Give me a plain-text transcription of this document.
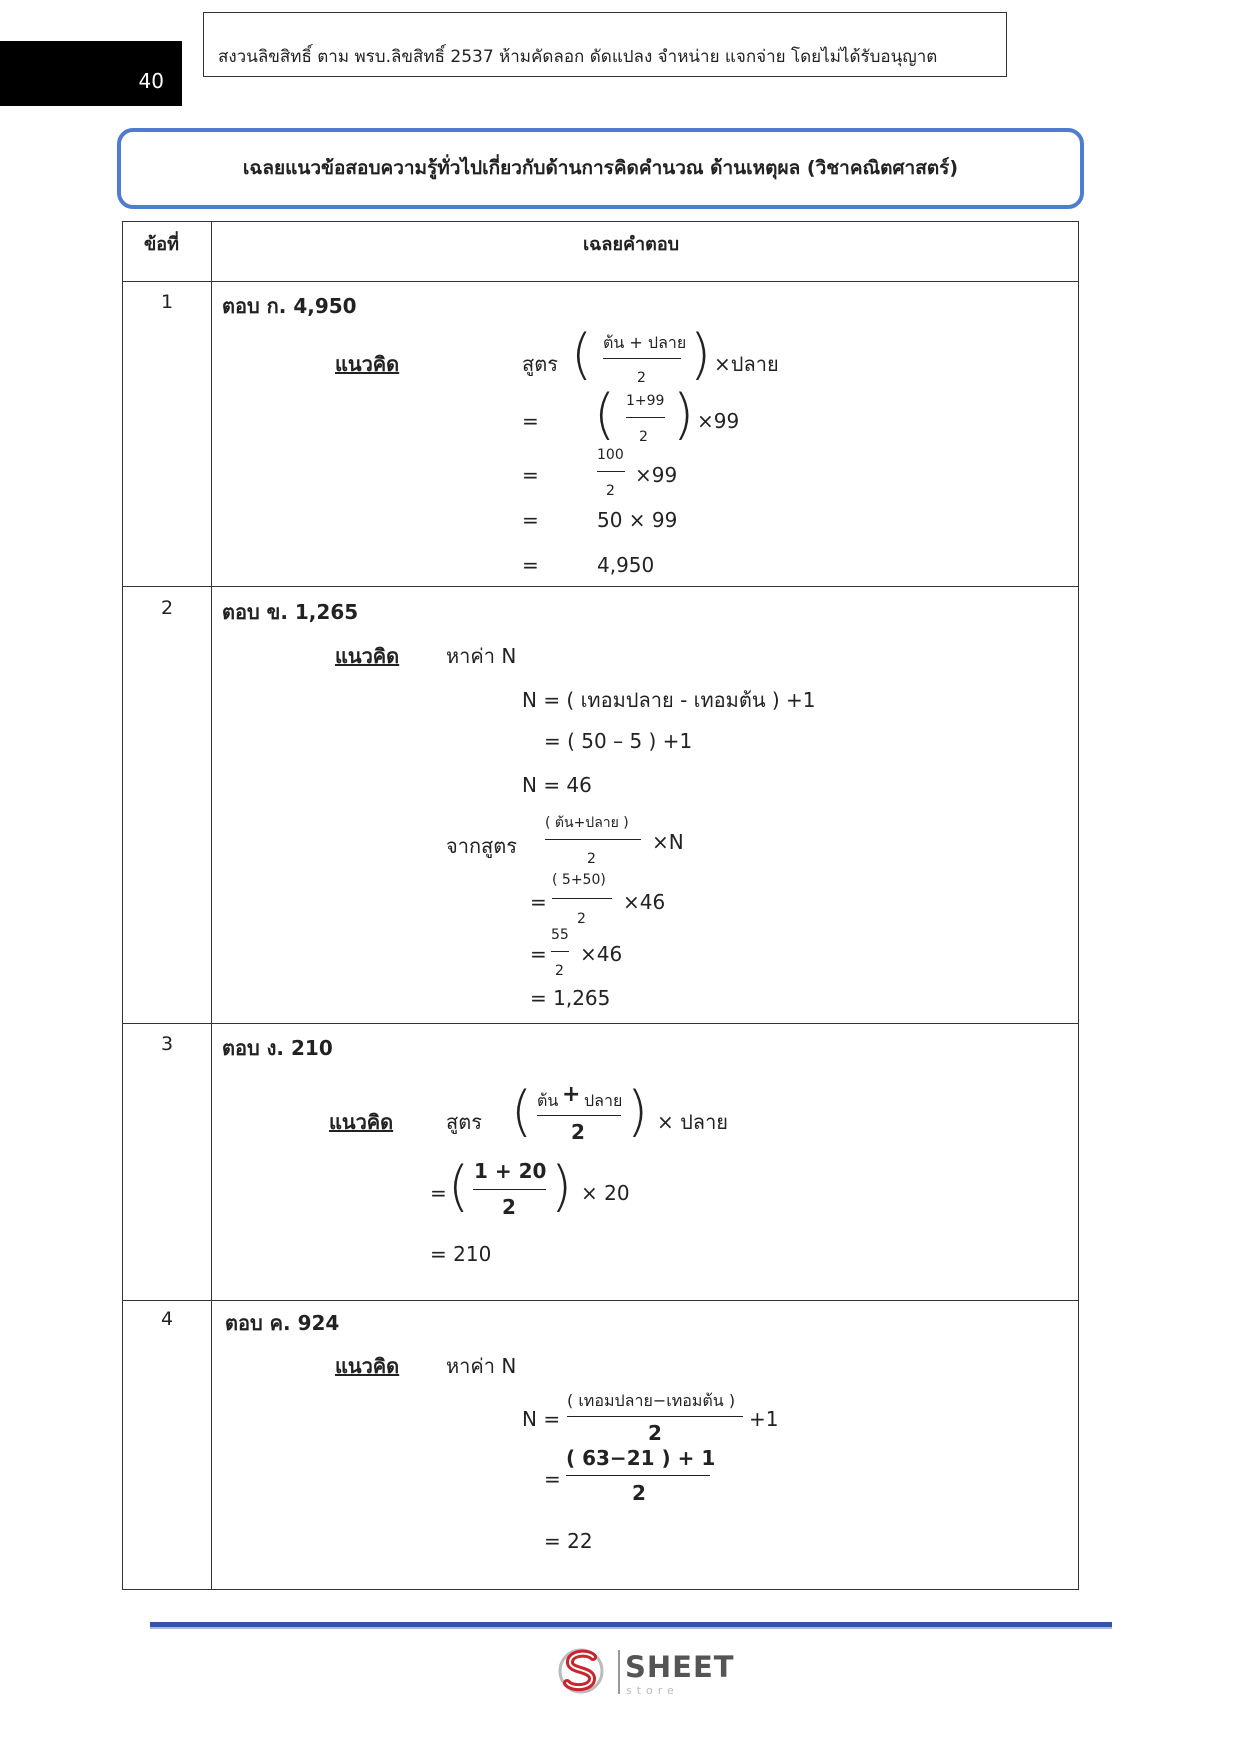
40
สงวนลิขสิทธิ์ ตาม พรบ.ลิขสิทธิ์ 2537 ห้ามคัดลอก ดัดแปลง จำหน่าย แจกจ่าย โดยไม่ได้รับอนุญาต
เฉลยแนวข้อสอบความรู้ทั่วไปเกี่ยวกับด้านการคิดคำนวณ ด้านเหตุผล (วิชาคณิตศาสตร์)
ข้อที่	เฉลยคำตอบ
1	ตอบ ก. 4,950
แนวคิด	สูตร ( ต้น + ปลาย
2 ) ×ปลาย
= ( 1+99
2 ) ×99
=
100
2
×99
=	50 × 99
=	4,950
2	ตอบ ข. 1,265
แนวคิด หาค่า N
N = ( เทอมปลาย - เทอมต้น ) +1
= ( 50 – 5 ) +1
N = 46
จากสูตร
( ต้น+ปลาย )
2
×N
=
( 5+50)
2
×46
=
55
2
×46
= 1,265
3	ตอบ ง. 210
แนวคิด	สูตร ( ต้น + ปลาย
2 ) × ปลาย
= ( 1 + 20
2 ) × 20
= 210
4	ตอบ ค. 924
แนวคิด หาค่า N
N =
( เทอมปลาย−เทอมต้น )
2
+1
=
( 63−21 ) + 1
2
= 22
SHEET
store
